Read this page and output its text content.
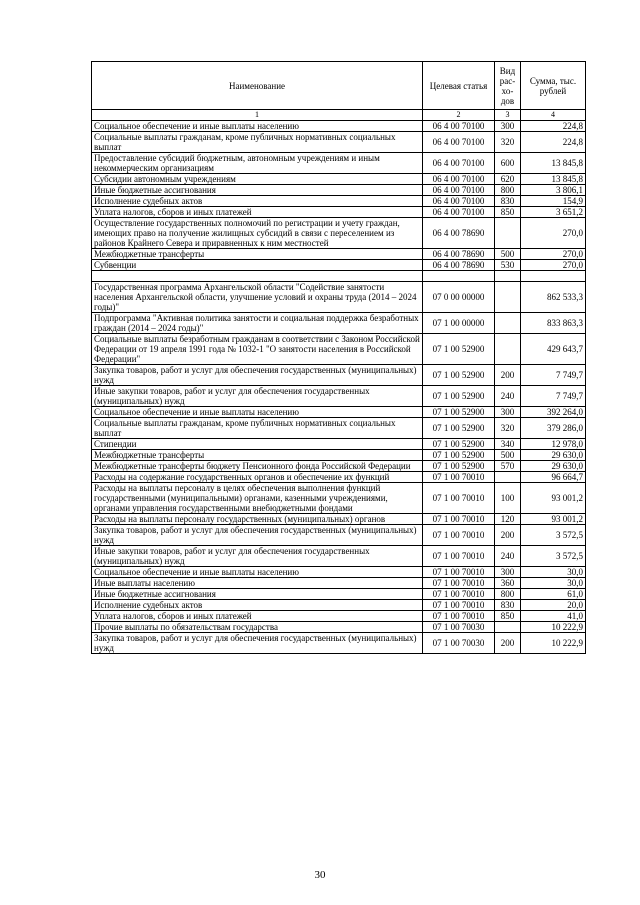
Наименование	Целевая статья	Вид рас-хо-дов	Сумма, тыс. рублей
1	2	3	4
Социальное обеспечение и иные выплаты населению	06 4 00 70100	300	224,8
Социальные выплаты гражданам, кроме публичных нормативных социальных выплат	06 4 00 70100	320	224,8
Предоставление субсидий бюджетным, автономным учреждениям и иным некоммерческим организациям	06 4 00 70100	600	13 845,8
Субсидии автономным учреждениям	06 4 00 70100	620	13 845,8
Иные бюджетные ассигнования	06 4 00 70100	800	3 806,1
Исполнение судебных актов	06 4 00 70100	830	154,9
Уплата налогов, сборов и иных платежей	06 4 00 70100	850	3 651,2
Осуществление государственных полномочий по регистрации и учету граждан, имеющих право на получение жилищных субсидий в связи с переселением из районов Крайнего Севера и приравненных к ним местностей	06 4 00 78690		270,0
Межбюджетные трансферты	06 4 00 78690	500	270,0
Субвенции	06 4 00 78690	530	270,0

Государственная программа Архангельской области "Содействие занятости населения Архангельской области, улучшение условий и охраны труда (2014 – 2024 годы)"	07 0 00 00000		862 533,3
Подпрограмма "Активная политика занятости и социальная поддержка безработных граждан (2014 – 2024 годы)"	07 1 00 00000		833 863,3
Социальные выплаты безработным гражданам в соответствии с Законом Российской Федерации от 19 апреля 1991 года № 1032-1 "О занятости населения в Российской Федерации"	07 1 00 52900		429 643,7
Закупка товаров, работ и услуг для обеспечения государственных (муниципальных) нужд	07 1 00 52900	200	7 749,7
Иные закупки товаров, работ и услуг для обеспечения государственных (муниципальных) нужд	07 1 00 52900	240	7 749,7
Социальное обеспечение и иные выплаты населению	07 1 00 52900	300	392 264,0
Социальные выплаты гражданам, кроме публичных нормативных социальных выплат	07 1 00 52900	320	379 286,0
Стипендии	07 1 00 52900	340	12 978,0
Межбюджетные трансферты	07 1 00 52900	500	29 630,0
Межбюджетные трансферты бюджету Пенсионного фонда Российской Федерации	07 1 00 52900	570	29 630,0
Расходы на содержание государственных органов и обеспечение их функций	07 1 00 70010		96 664,7
Расходы на выплаты персоналу в целях обеспечения выполнения функций государственными (муниципальными) органами, казенными учреждениями, органами управления государственными внебюджетными фондами	07 1 00 70010	100	93 001,2
Расходы на выплаты персоналу государственных (муниципальных) органов	07 1 00 70010	120	93 001,2
Закупка товаров, работ и услуг для обеспечения государственных (муниципальных) нужд	07 1 00 70010	200	3 572,5
Иные закупки товаров, работ и услуг для обеспечения государственных (муниципальных) нужд	07 1 00 70010	240	3 572,5
Социальное обеспечение и иные выплаты населению	07 1 00 70010	300	30,0
Иные выплаты населению	07 1 00 70010	360	30,0
Иные бюджетные ассигнования	07 1 00 70010	800	61,0
Исполнение судебных актов	07 1 00 70010	830	20,0
Уплата налогов, сборов и иных платежей	07 1 00 70010	850	41,0
Прочие выплаты по обязательствам государства	07 1 00 70030		10 222,9
Закупка товаров, работ и услуг для обеспечения государственных (муниципальных) нужд	07 1 00 70030	200	10 222,9
30
